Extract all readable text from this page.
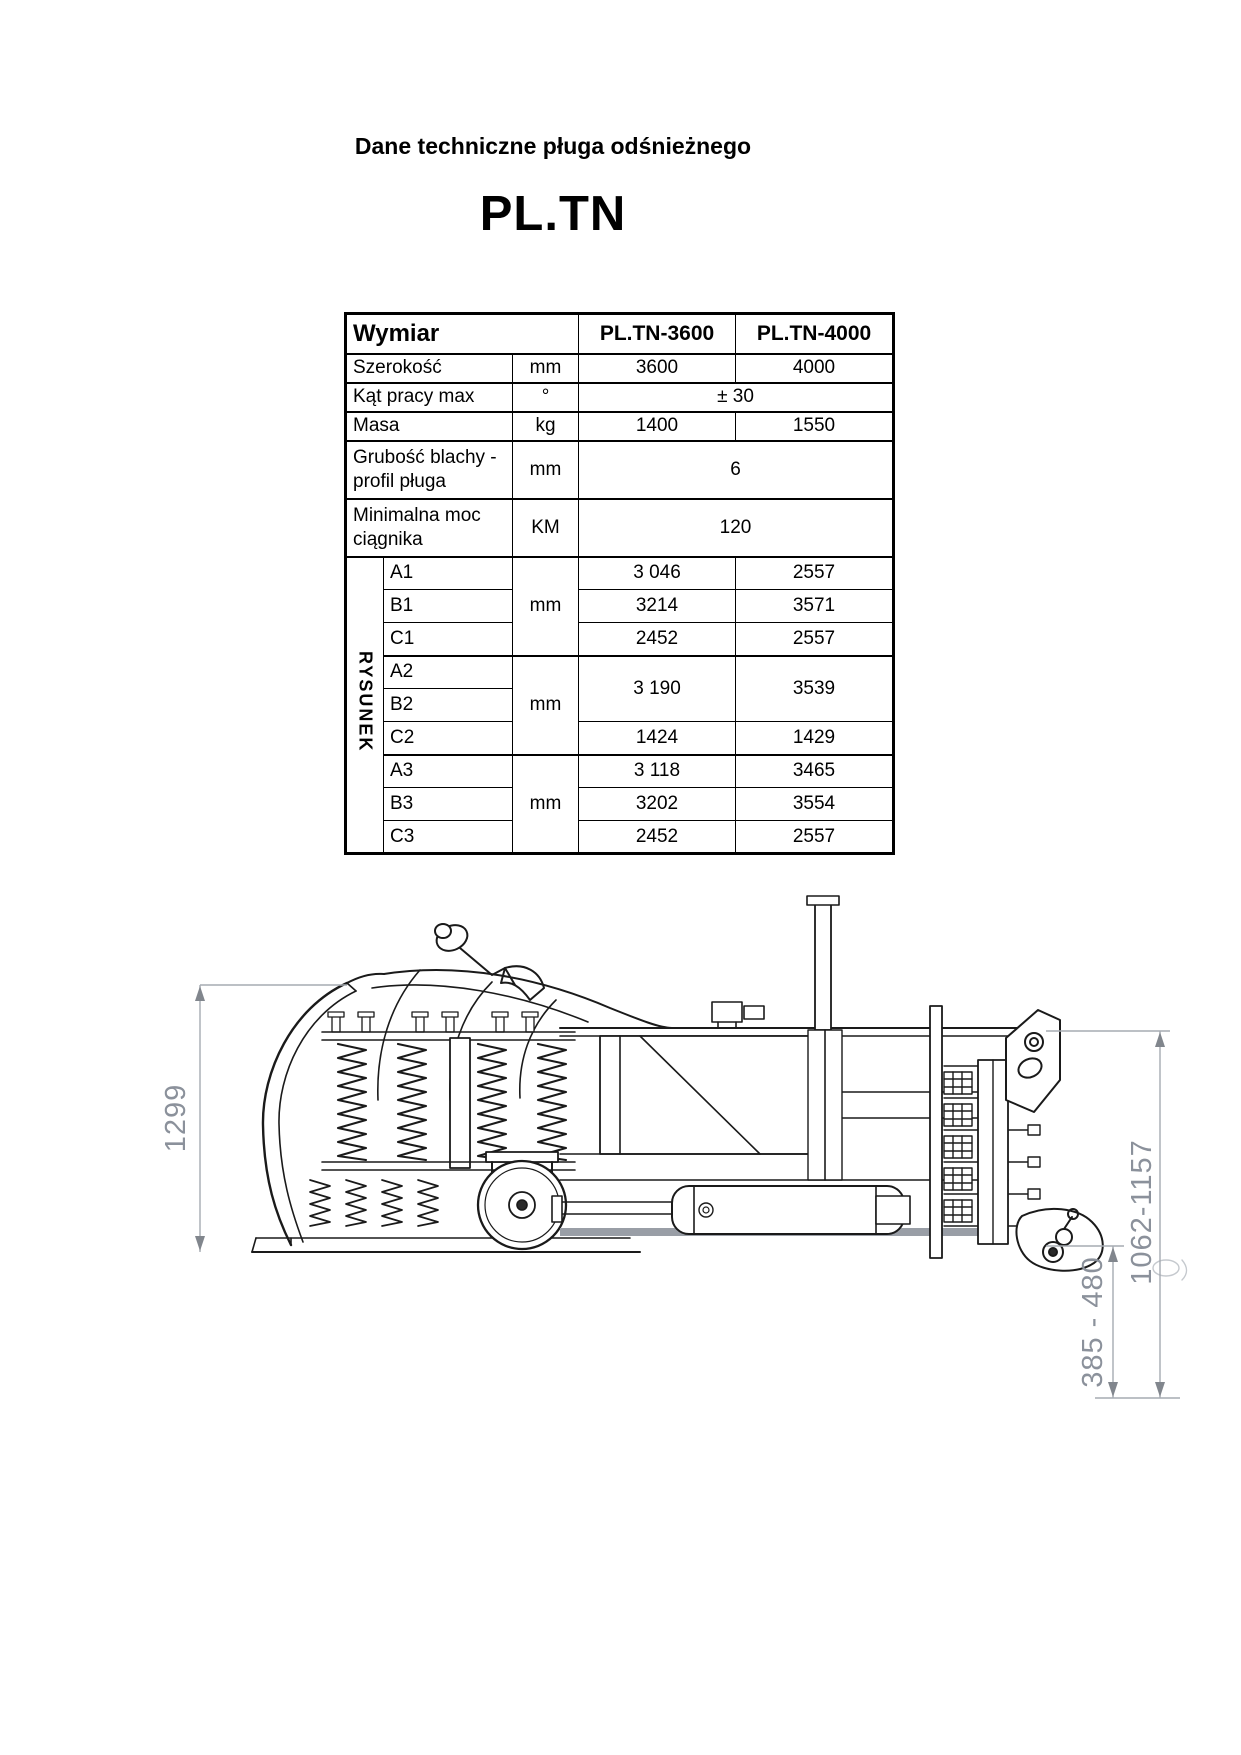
Dane techniczne pługa odśnieżnego
PL.TN
Wymiar			PL.TN-3600	PL.TN-4000
Szerokość		mm	3600	4000
Kąt pracy max		°	± 30	
Masa		kg	1400	1550
Grubość blachy - profil pługa		mm	6	
Minimalna moc ciągnika		KM	120	
RYSUNEK	A1	mm	3 046	2557
	B1		3214	3571
	C1		2452	2557
	A2	mm	3 190	3539
	B2			
	C2		1424	1429
	A3	mm	3 118	3465
	B3		3202	3554
	C3		2452	2557
1299
1062-1157
385 - 480
